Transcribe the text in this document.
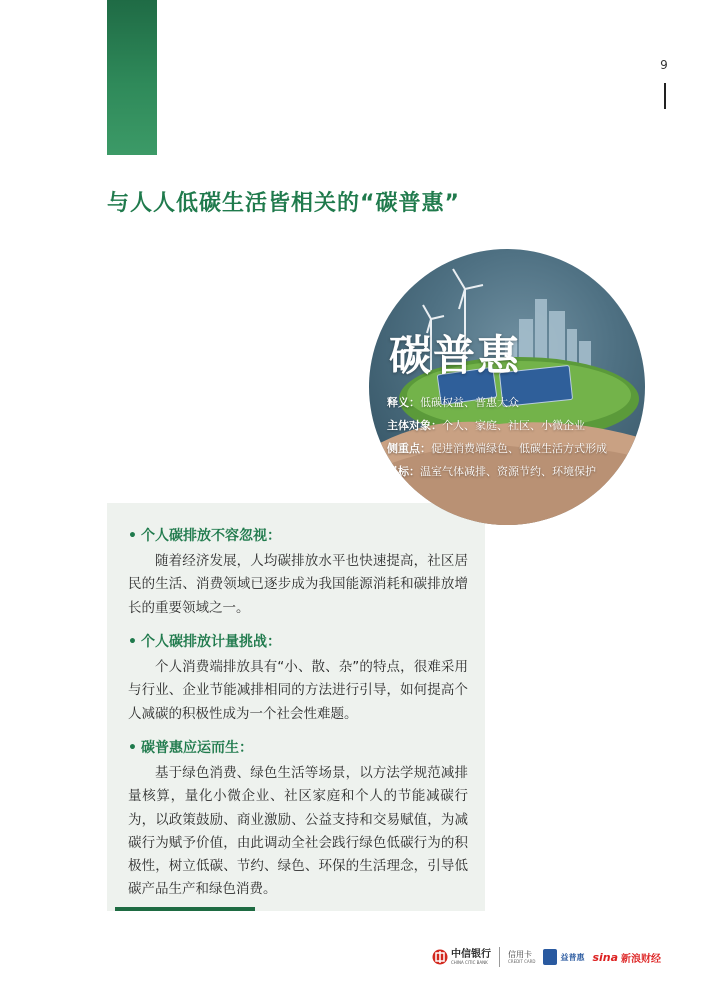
9
与人人低碳生活皆相关的“碳普惠”
碳普惠
释义：低碳权益、普惠大众
主体对象：个人、家庭、社区、小微企业
侧重点：促进消费端绿色、低碳生活方式形成
目标：温室气体减排、资源节约、环境保护
• 个人碳排放不容忽视：

随着经济发展，人均碳排放水平也快速提高，社区居民的生活、消费领域已逐步成为我国能源消耗和碳排放增长的重要领域之一。

• 个人碳排放计量挑战：

个人消费端排放具有“小、散、杂”的特点，很难采用与行业、企业节能减排相同的方法进行引导，如何提高个人减碳的积极性成为一个社会性难题。

• 碳普惠应运而生：

基于绿色消费、绿色生活等场景，以方法学规范减排量核算，量化小微企业、社区家庭和个人的节能减碳行为，以政策鼓励、商业激励、公益支持和交易赋值，为减碳行为赋予价值，由此调动全社会践行绿色低碳行为的积极性，树立低碳、节约、绿色、环保的生活理念，引导低碳产品生产和绿色消费。

中信银行
CHINA CITIC BANK
信用卡
CREDIT CARD	益普惠 sina 新浪财经
